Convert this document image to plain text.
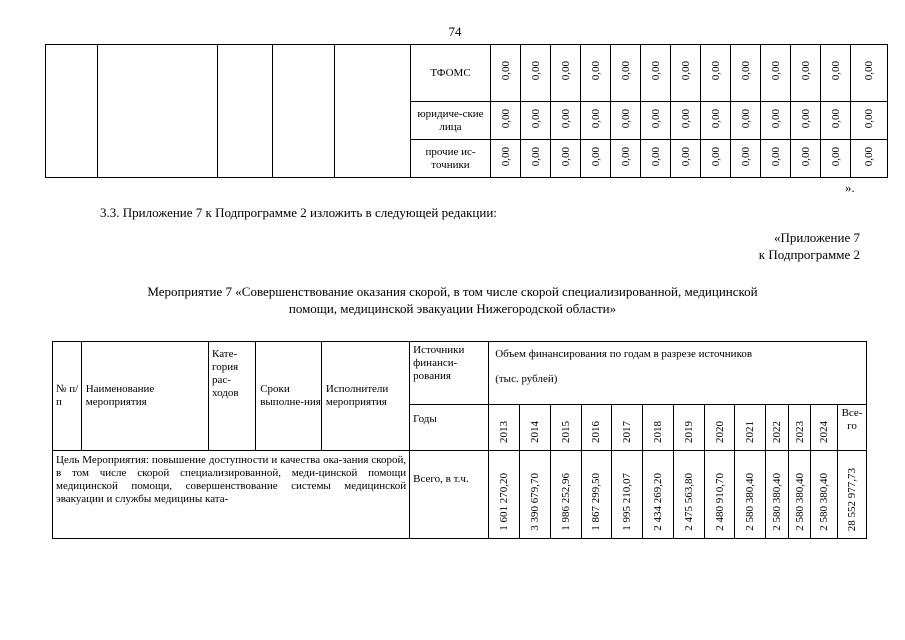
74
					ТФОМС	0,00	0,00	0,00	0,00	0,00	0,00	0,00	0,00	0,00	0,00	0,00	0,00	0,00
					юридиче-ские лица	0,00	0,00	0,00	0,00	0,00	0,00	0,00	0,00	0,00	0,00	0,00	0,00	0,00
					прочие ис-точники	0,00	0,00	0,00	0,00	0,00	0,00	0,00	0,00	0,00	0,00	0,00	0,00	0,00
».
3.3. Приложение 7 к Подпрограмме 2 изложить в следующей редакции:
«Приложение 7
к Подпрограмме 2
Мероприятие 7 «Совершенствование оказания скорой, в том числе скорой специализированной, медицинской
помощи, медицинской эвакуации Нижегородской области»
№ п/п	Наименование мероприятия	Кате-гория рас-ходов	Сроки выполне-ния	Исполнители мероприятия	Источники финанси-рования	Объем финансирования по годам в разрезе источников
(тыс. рублей)												

					Годы	2013	2014	2015	2016	2017	2018	2019	2020	2021	2022	2023	2024	Все-го
Цель Мероприятия: повышение доступности и качества ока-зания скорой, в том числе скорой специализированной, меди-цинской помощи медицинской помощи, совершенствование системы медицинской эвакуации и службы медицины ката-					Всего, в т.ч.	1 601 270,20	3 390 679,70	1 986 252,96	1 867 299,50	1 995 210,07	2 434 269,20	2 475 563,80	2 480 910,70	2 580 380,40	2 580 380,40	2 580 380,40	2 580 380,40	28 552 977,73
